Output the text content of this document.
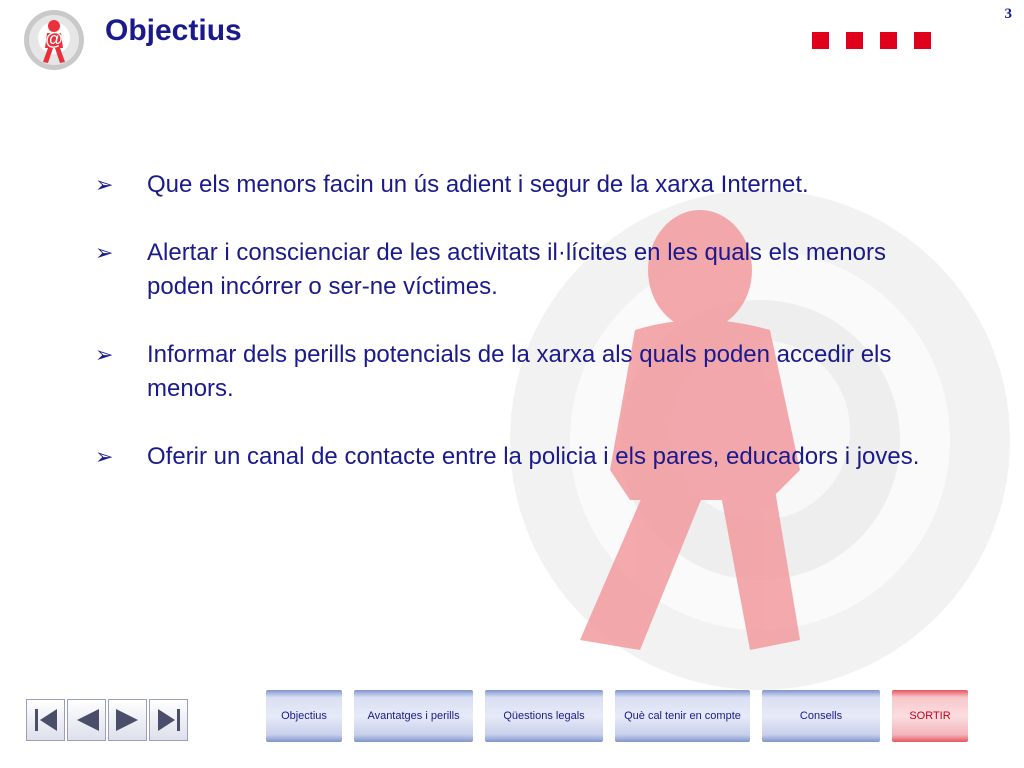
@ Objectius	3
➢	Que els menors facin un ús adient i segur de la xarxa Internet.
➢	Alertar i conscienciar de les activitats il·lícites en les quals els menors poden incórrer o ser-ne víctimes.
➢	Informar dels perills potencials de la xarxa als quals poden accedir els menors.
➢	Oferir un canal de contacte entre la policia i els pares, educadors i joves.
Objectius	Avantatges i perills	Qüestions legals	Què cal tenir en compte	Consells	SORTIR
